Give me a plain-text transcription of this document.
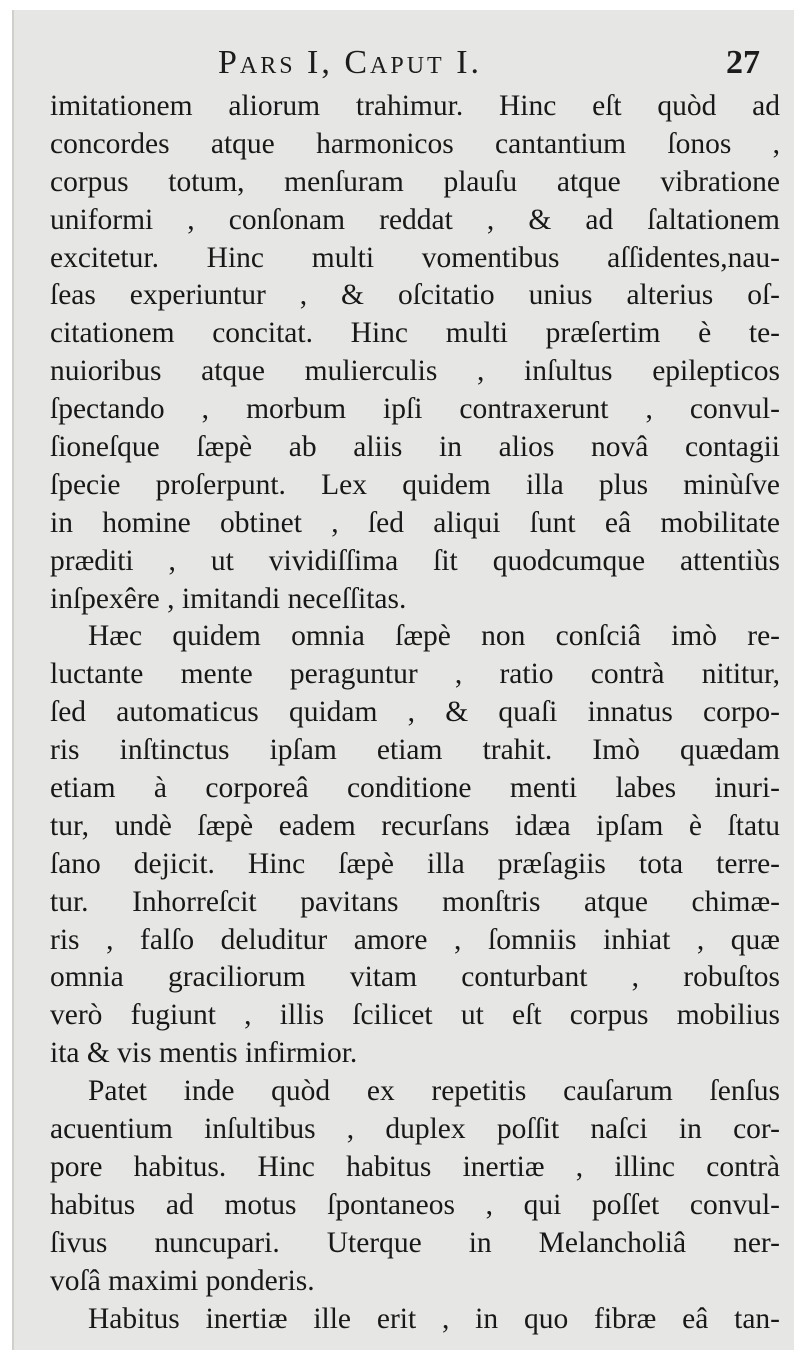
Pars I, Caput I.	27
imitationem aliorum trahimur. Hinc eſt quòd ad
concordes atque harmonicos cantantium ſonos ,
corpus totum, menſuram plauſu atque vibratione
uniformi , conſonam reddat , & ad ſaltationem
excitetur. Hinc multi vomentibus aſſidentes,nau-
ſeas experiuntur , & oſcitatio unius alterius oſ-
citationem concitat. Hinc multi præſertim è te-
nuioribus atque mulierculis , inſultus epilepticos
ſpectando , morbum ipſi contraxerunt , convul-
ſioneſque ſæpè ab aliis in alios novâ contagii
ſpecie proſerpunt. Lex quidem illa plus minùſve
in homine obtinet , ſed aliqui ſunt eâ mobilitate
præditi , ut vividiſſima ſit quodcumque attentiùs
inſpexêre , imitandi neceſſitas.
Hæc quidem omnia ſæpè non conſciâ imò re-
luctante mente peraguntur , ratio contrà nititur,
ſed automaticus quidam , & quaſi innatus corpo-
ris inſtinctus ipſam etiam trahit. Imò quædam
etiam à corporeâ conditione menti labes inuri-
tur, undè ſæpè eadem recurſans idæa ipſam è ſtatu
ſano dejicit. Hinc ſæpè illa præſagiis tota terre-
tur. Inhorreſcit pavitans monſtris atque chimæ-
ris , falſo deluditur amore , ſomniis inhiat , quæ
omnia graciliorum vitam conturbant , robuſtos
verò fugiunt , illis ſcilicet ut eſt corpus mobilius
ita & vis mentis infirmior.
Patet inde quòd ex repetitis cauſarum ſenſus
acuentium inſultibus , duplex poſſit naſci in cor-
pore habitus. Hinc habitus inertiæ , illinc contrà
habitus ad motus ſpontaneos , qui poſſet convul-
ſivus nuncupari. Uterque in Melancholiâ ner-
voſâ maximi ponderis.
Habitus inertiæ ille erit , in quo fibræ eâ tan-
